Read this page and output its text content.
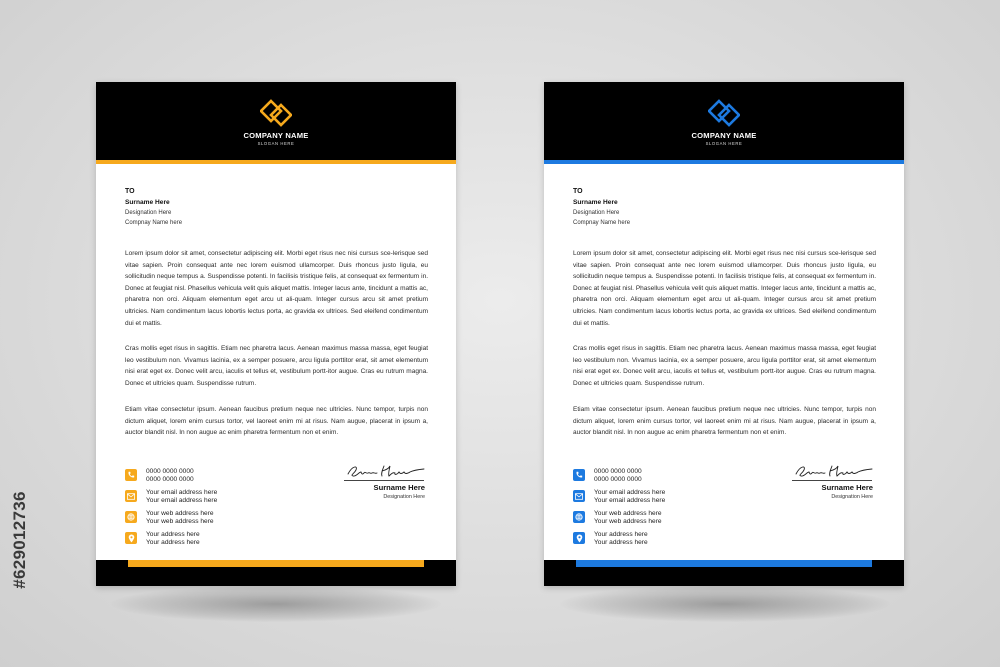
#629012736
COMPANY NAME
SLOGAN HERE
TO
Surname Here
Designation Here
Compnay Name here

Lorem ipsum dolor sit amet, consectetur adipiscing elit. Morbi eget risus nec nisi cursus sce-lerisque sed vitae sapien. Proin consequat ante nec lorem euismod ullamcorper. Duis rhoncus justo ligula, eu sollicitudin neque tempus a. Suspendisse potenti. In facilisis tristique felis, at consequat ex fermentum in. Donec at feugiat nisl. Phasellus vehicula velit quis aliquet mattis. Integer lacus ante, tincidunt a mattis ac, pharetra non orci. Aliquam elementum eget arcu ut ali-quam. Integer cursus arcu sit amet pretium ultricies. Nam condimentum lacus lobortis lectus porta, ac gravida ex ultrices. Sed eleifend condimentum dui et mattis.

Cras mollis eget risus in sagittis. Etiam nec pharetra lacus. Aenean maximus massa massa, eget feugiat leo vestibulum non. Vivamus lacinia, ex a semper posuere, arcu ligula porttitor erat, sit amet elementum nisi erat eget ex. Donec velit arcu, iaculis et tellus et, vestibulum portt-itor augue. Cras eu rutrum magna. Donec et ultricies quam. Suspendisse rutrum.

Etiam vitae consectetur ipsum. Aenean faucibus pretium neque nec ultricies. Nunc tempor, turpis non dictum aliquet, lorem enim cursus tortor, vel laoreet enim mi at risus. Nam augue, placerat in ipsum a, auctor blandit nisl. In non augue ac enim pharetra fermentum non et enim.

0000 0000 0000
0000 0000 0000
Your email address here
Your email address here
Your web address here
Your web address here
Your address here
Your address here
Surname Here
Designation Here
COMPANY NAME
SLOGAN HERE
TO
Surname Here
Designation Here
Compnay Name here

Lorem ipsum dolor sit amet, consectetur adipiscing elit. Morbi eget risus nec nisi cursus sce-lerisque sed vitae sapien. Proin consequat ante nec lorem euismod ullamcorper. Duis rhoncus justo ligula, eu sollicitudin neque tempus a. Suspendisse potenti. In facilisis tristique felis, at consequat ex fermentum in. Donec at feugiat nisl. Phasellus vehicula velit quis aliquet mattis. Integer lacus ante, tincidunt a mattis ac, pharetra non orci. Aliquam elementum eget arcu ut ali-quam. Integer cursus arcu sit amet pretium ultricies. Nam condimentum lacus lobortis lectus porta, ac gravida ex ultrices. Sed eleifend condimentum dui et mattis.

Cras mollis eget risus in sagittis. Etiam nec pharetra lacus. Aenean maximus massa massa, eget feugiat leo vestibulum non. Vivamus lacinia, ex a semper posuere, arcu ligula porttitor erat, sit amet elementum nisi erat eget ex. Donec velit arcu, iaculis et tellus et, vestibulum portt-itor augue. Cras eu rutrum magna. Donec et ultricies quam. Suspendisse rutrum.

Etiam vitae consectetur ipsum. Aenean faucibus pretium neque nec ultricies. Nunc tempor, turpis non dictum aliquet, lorem enim cursus tortor, vel laoreet enim mi at risus. Nam augue, placerat in ipsum a, auctor blandit nisl. In non augue ac enim pharetra fermentum non et enim.

0000 0000 0000
0000 0000 0000
Your email address here
Your email address here
Your web address here
Your web address here
Your address here
Your address here
Surname Here
Designation Here
